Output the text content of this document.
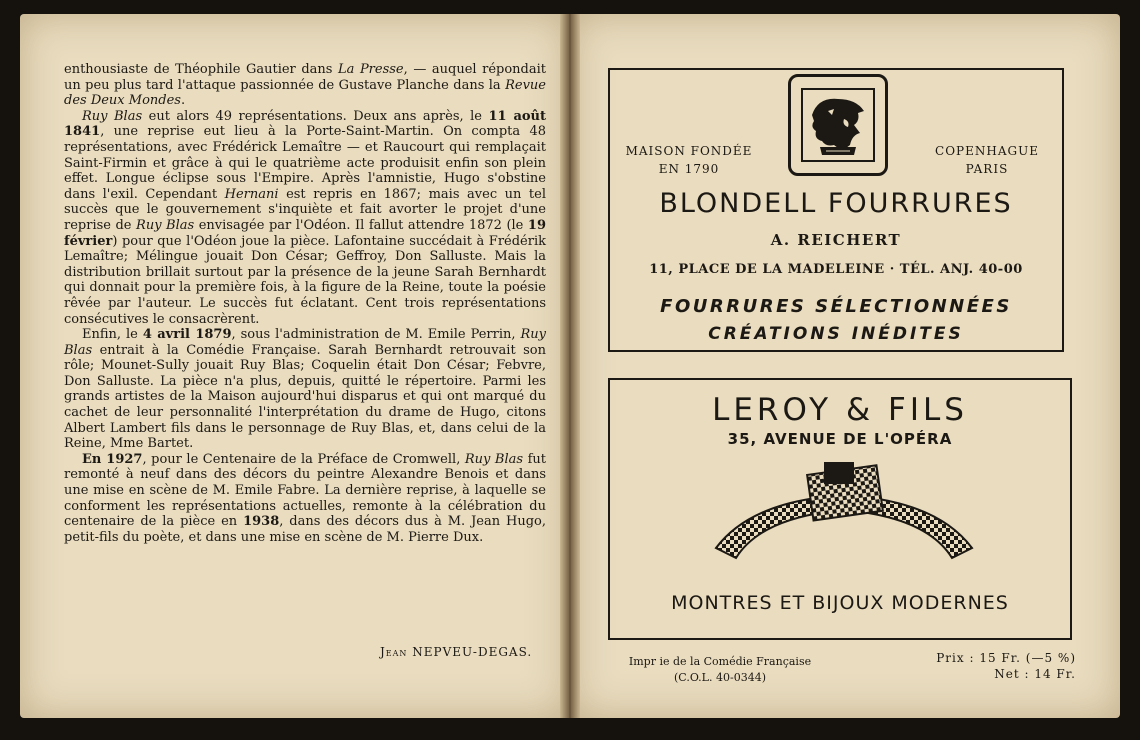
enthousiaste de Théophile Gautier dans La Presse, — auquel répondait un peu plus tard l'attaque passionnée de Gustave Planche dans la Revue des Deux Mondes.

Ruy Blas eut alors 49 représentations. Deux ans après, le 11 août 1841, une reprise eut lieu à la Porte-Saint-Martin. On compta 48 représentations, avec Frédérick Lemaître — et Raucourt qui remplaçait Saint-Firmin et grâce à qui le quatrième acte produisit enfin son plein effet. Longue éclipse sous l'Empire. Après l'amnistie, Hugo s'obstine dans l'exil. Cependant Hernani est repris en 1867; mais avec un tel succès que le gouvernement s'inquiète et fait avorter le projet d'une reprise de Ruy Blas envisagée par l'Odéon. Il fallut attendre 1872 (le 19 février) pour que l'Odéon joue la pièce. Lafontaine succédait à Frédérik Lemaître; Mélingue jouait Don César; Geffroy, Don Salluste. Mais la distribution brillait surtout par la présence de la jeune Sarah Bernhardt qui donnait pour la première fois, à la figure de la Reine, toute la poésie rêvée par l'auteur. Le succès fut éclatant. Cent trois représentations consécutives le consacrèrent.

Enfin, le 4 avril 1879, sous l'administration de M. Emile Perrin, Ruy Blas entrait à la Comédie Française. Sarah Bernhardt retrouvait son rôle; Mounet-Sully jouait Ruy Blas; Coquelin était Don César; Febvre, Don Salluste. La pièce n'a plus, depuis, quitté le répertoire. Parmi les grands artistes de la Maison aujourd'hui disparus et qui ont marqué du cachet de leur personnalité l'interprétation du drame de Hugo, citons Albert Lambert fils dans le personnage de Ruy Blas, et, dans celui de la Reine, Mme Bartet.

En 1927, pour le Centenaire de la Préface de Cromwell, Ruy Blas fut remonté à neuf dans des décors du peintre Alexandre Benois et dans une mise en scène de M. Emile Fabre. La dernière reprise, à laquelle se conforment les représentations actuelles, remonte à la célébration du centenaire de la pièce en 1938, dans des décors dus à M. Jean Hugo, petit-fils du poète, et dans une mise en scène de M. Pierre Dux.

Jean NEPVEU-DEGAS.
MAISON FONDÉE
EN 1790
COPENHAGUE
PARIS
BLONDELL FOURRURES
A. REICHERT
11, PLACE DE LA MADELEINE · TÉL. ANJ. 40-00
FOURRURES SÉLECTIONNÉES
CRÉATIONS INÉDITES
LEROY & FILS
35, AVENUE DE L'OPÉRA
MONTRES ET BIJOUX MODERNES
Impr ie de la Comédie Française
(C.O.L. 40-0344)
Prix : 15 Fr. (—5 %)
Net : 14 Fr.
